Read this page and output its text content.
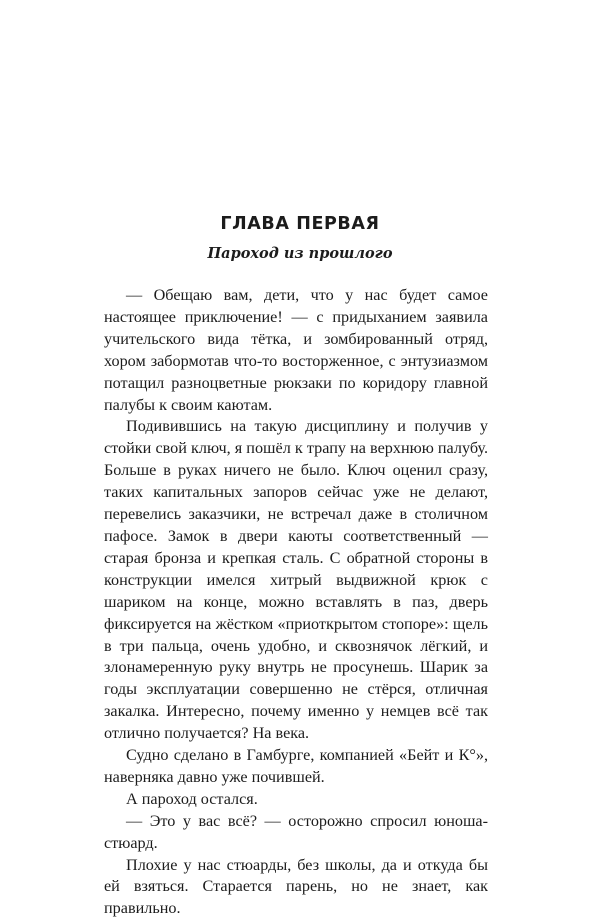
ГЛАВА ПЕРВАЯ
Пароход из прошлого

— Обещаю вам, дети, что у нас будет самое настоящее приключение! — с придыханием заявила учительского вида тётка, и зомбированный отряд, хором забормотав что-то восторженное, с энтузиазмом потащил разноцветные рюкзаки по коридору главной палубы к своим каютам.

Подивившись на такую дисциплину и получив у стойки свой ключ, я пошёл к трапу на верхнюю палубу. Больше в руках ничего не было. Ключ оценил сразу, таких капитальных запоров сейчас уже не делают, перевелись заказчики, не встречал даже в столичном пафосе. Замок в двери каюты соответственный — старая бронза и крепкая сталь. С обратной стороны в конструкции имелся хитрый выдвижной крюк с шариком на конце, можно вставлять в паз, дверь фиксируется на жёстком «приоткрытом стопоре»: щель в три пальца, очень удобно, и сквознячок лёгкий, и злонамеренную руку внутрь не просунешь. Шарик за годы эксплуатации совершенно не стёрся, отличная закалка. Интересно, почему именно у немцев всё так отлично получается? На века.

Судно сделано в Гамбурге, компанией «Бейт и К°», наверняка давно уже почившей.

А пароход остался.

— Это у вас всё? — осторожно спросил юноша-стюард.

Плохие у нас стюарды, без школы, да и откуда бы ей взяться. Старается парень, но не знает, как правильно.
